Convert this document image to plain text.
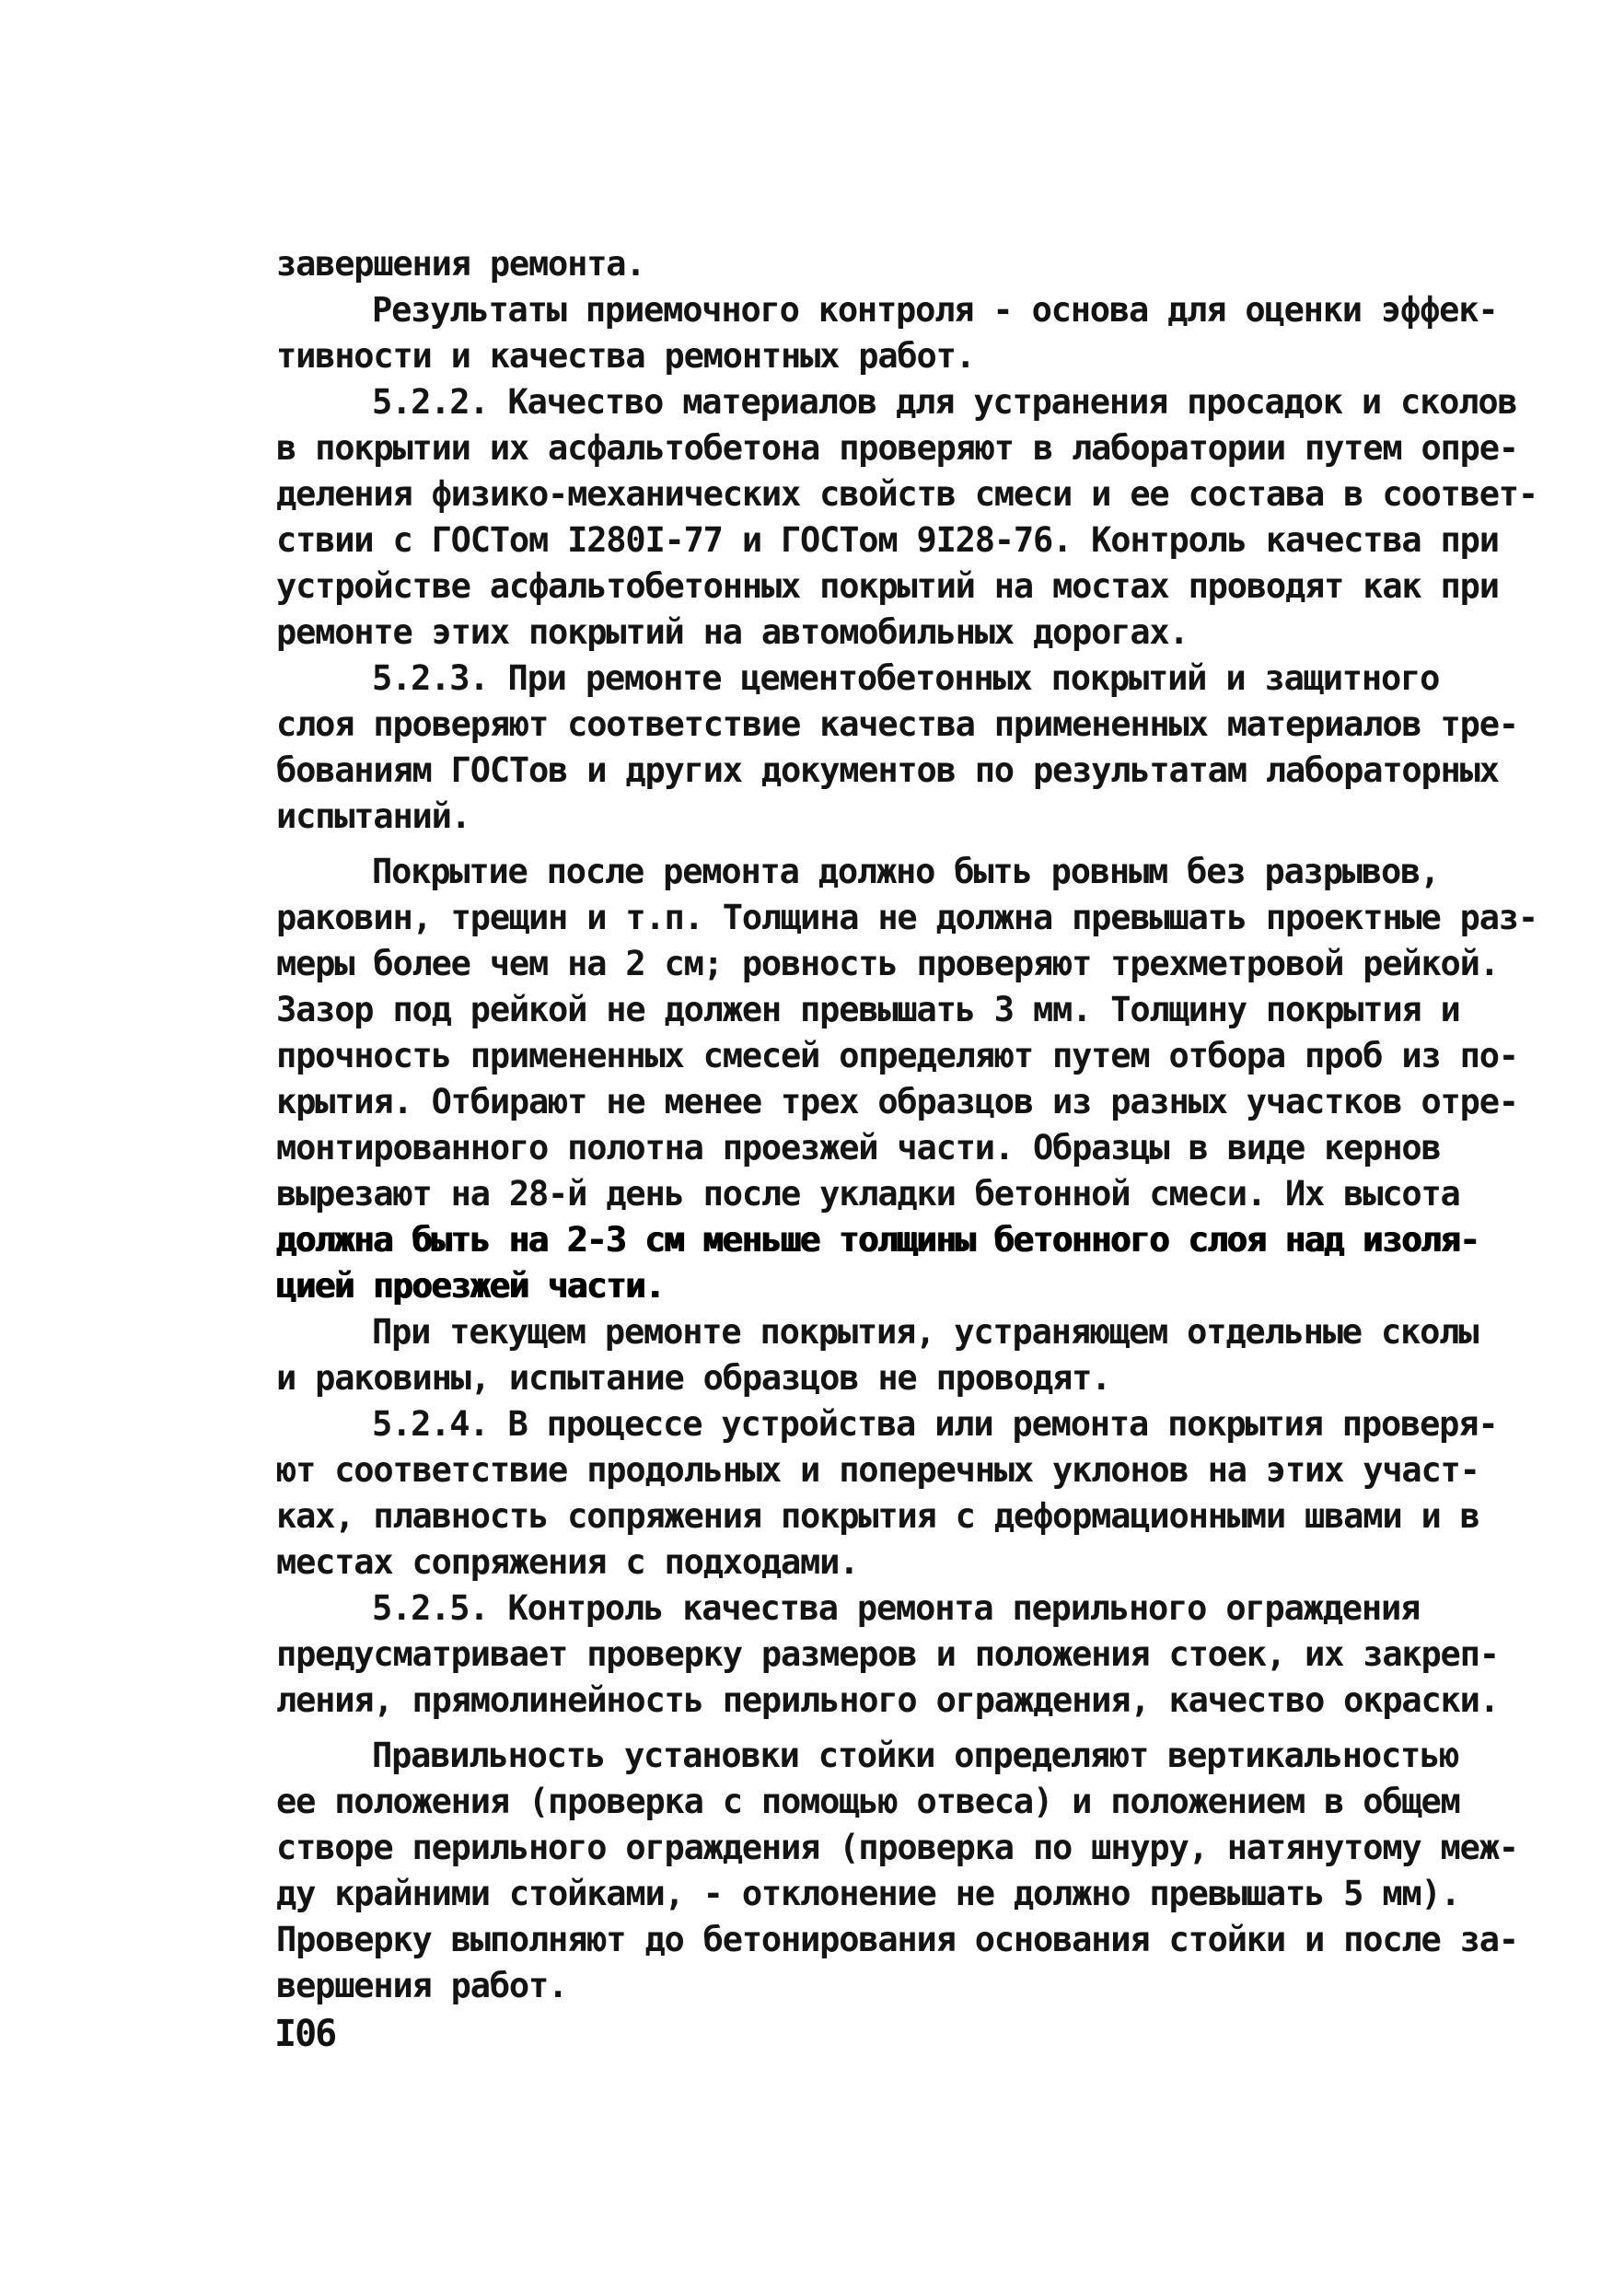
завершения ремонта.
Результаты приемочного контроля - основа для оценки эффек-
тивности и качества ремонтных работ.
5.2.2. Качество материалов для устранения просадок и сколов
в покрытии их асфальтобетона проверяют в лаборатории путем опре-
деления физико-механических свойств смеси и ее состава в соответ-
ствии с ГОСТом I280I-77 и ГОСТом 9I28-76. Контроль качества при
устройстве асфальтобетонных покрытий на мостах проводят как при
ремонте этих покрытий на автомобильных дорогах.
5.2.3. При ремонте цементобетонных покрытий и защитного
слоя проверяют соответствие качества примененных материалов тре-
бованиям ГОСТов и других документов по результатам лабораторных
испытаний.
Покрытие после ремонта должно быть ровным без разрывов,
раковин, трещин и т.п. Толщина не должна превышать проектные раз-
меры более чем на 2 см; ровность проверяют трехметровой рейкой.
Зазор под рейкой не должен превышать 3 мм. Толщину покрытия и
прочность примененных смесей определяют путем отбора проб из по-
крытия. Отбирают не менее трех образцов из разных участков отре-
монтированного полотна проезжей части. Образцы в виде кернов
вырезают на 28-й день после укладки бетонной смеси. Их высота
должна быть на 2-3 см меньше толщины бетонного слоя над изоля-
цией проезжей части.
При текущем ремонте покрытия, устраняющем отдельные сколы
и раковины, испытание образцов не проводят.
5.2.4. В процессе устройства или ремонта покрытия проверя-
ют соответствие продольных и поперечных уклонов на этих участ-
ках, плавность сопряжения покрытия с деформационными швами и в
местах сопряжения с подходами.
5.2.5. Контроль качества ремонта перильного ограждения
предусматривает проверку размеров и положения стоек, их закреп-
ления, прямолинейность перильного ограждения, качество окраски.
Правильность установки стойки определяют вертикальностью
ее положения (проверка с помощью отвеса) и положением в общем
створе перильного ограждения (проверка по шнуру, натянутому меж-
ду крайними стойками, - отклонение не должно превышать 5 мм).
Проверку выполняют до бетонирования основания стойки и после за-
вершения работ.
I06
